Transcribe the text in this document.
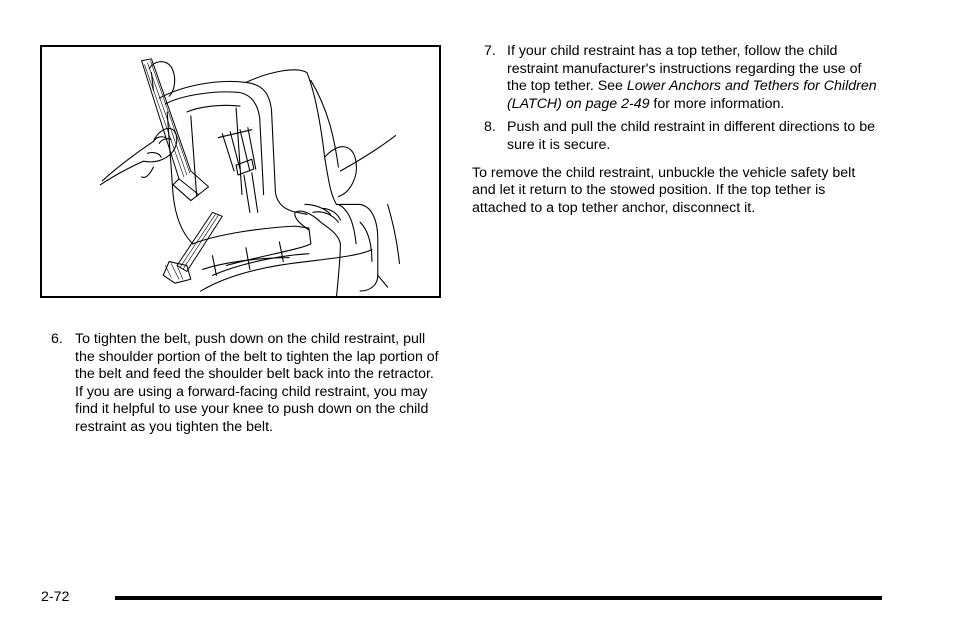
6. To tighten the belt, push down on the child restraint, pull the shoulder portion of the belt to tighten the lap portion of the belt and feed the shoulder belt back into the retractor. If you are using a forward-facing child restraint, you may find it helpful to use your knee to push down on the child restraint as you tighten the belt.
7. If your child restraint has a top tether, follow the child restraint manufacturer's instructions regarding the use of the top tether. See Lower Anchors and Tethers for Children (LATCH) on page 2-49 for more information.
8. Push and pull the child restraint in different directions to be sure it is secure.

To remove the child restraint, unbuckle the vehicle safety belt and let it return to the stowed position. If the top tether is attached to a top tether anchor, disconnect it.

2-72
